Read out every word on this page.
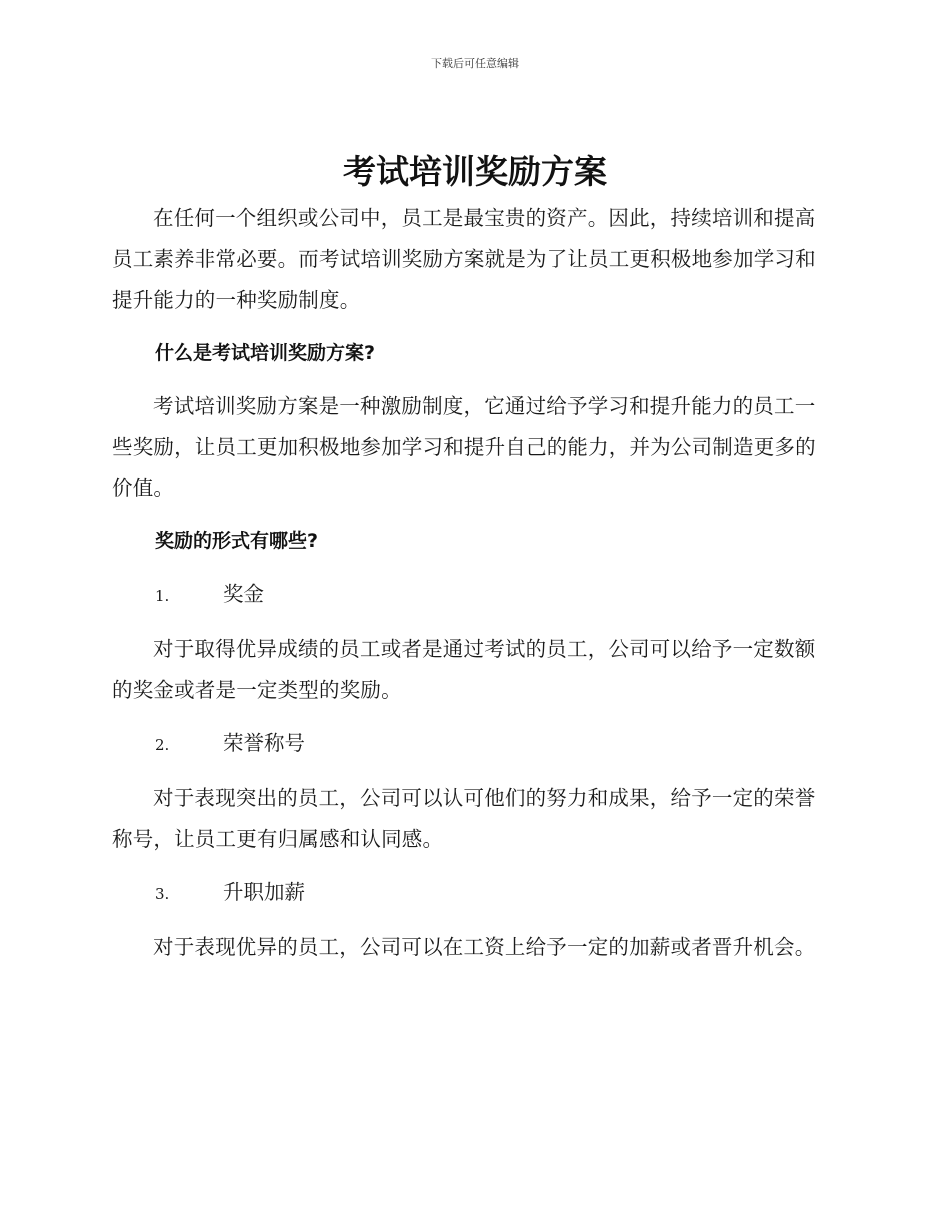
下载后可任意编辑
考试培训奖励方案

在任何一个组织或公司中，员工是最宝贵的资产。因此，持续培训和提高员工素养非常必要。而考试培训奖励方案就是为了让员工更积极地参加学习和提升能力的一种奖励制度。

什么是考试培训奖励方案?

考试培训奖励方案是一种激励制度，它通过给予学习和提升能力的员工一些奖励，让员工更加积极地参加学习和提升自己的能力，并为公司制造更多的价值。

奖励的形式有哪些?

1.	奖金

对于取得优异成绩的员工或者是通过考试的员工，公司可以给予一定数额的奖金或者是一定类型的奖励。

2.	荣誉称号

对于表现突出的员工，公司可以认可他们的努力和成果，给予一定的荣誉称号，让员工更有归属感和认同感。

3.	升职加薪

对于表现优异的员工，公司可以在工资上给予一定的加薪或者晋升机会。
